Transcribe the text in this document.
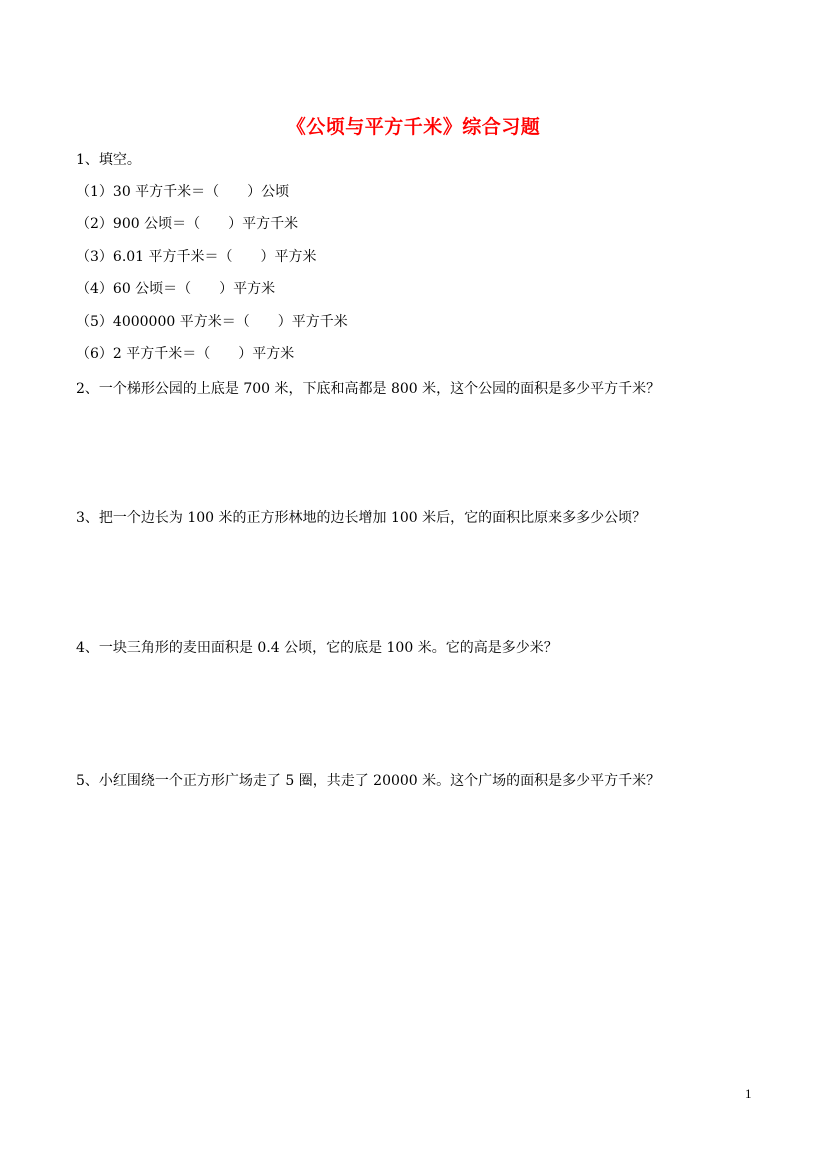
《公顷与平方千米》综合习题
1、填空。
（1）30 平方千米＝（　　）公顷
（2）900 公顷＝（　　）平方千米
（3）6.01 平方千米＝（　　）平方米
（4）60 公顷＝（　　）平方米
（5）4000000 平方米＝（　　）平方千米
（6）2 平方千米＝（　　）平方米
2、一个梯形公园的上底是 700 米，下底和高都是 800 米，这个公园的面积是多少平方千米？
3、把一个边长为 100 米的正方形林地的边长增加 100 米后，它的面积比原来多多少公顷？
4、一块三角形的麦田面积是 0.4 公顷，它的底是 100 米。它的高是多少米？
5、小红围绕一个正方形广场走了 5 圈，共走了 20000 米。这个广场的面积是多少平方千米？
1
